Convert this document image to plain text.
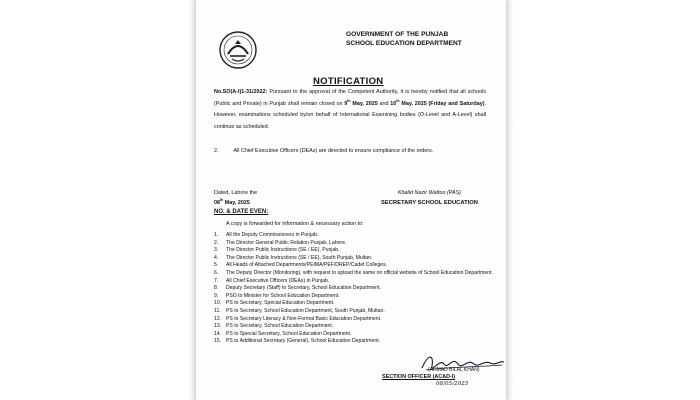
GOVERNMENT OF THE PUNJAB
SCHOOL EDUCATION DEPARTMENT
NOTIFICATION
No.SO(A-I)1-31/2022: Pursuant to the approval of the Competent Authority, it is hereby notified that all schools (Public and Private) in Punjab shall remain closed on 9th May, 2025 and 10th May, 2025 (Friday and Saturday). However, examinations scheduled by/on behalf of International Examining bodies (O-Level and A-Level) shall continue as scheduled.
2.	All Chief Executive Officers (DEAs) are directed to ensure compliance of the orders.
Dated, Lahore the
08th May, 2025
Khalid Nazir Wattoo (PAS)
SECRETARY SCHOOL EDUCATION
NO. & DATE EVEN:
A copy is forwarded for information & necessary action to:
1.	All the Deputy Commissioners in Punjab.
2.	The Director General Public Relation Punjab, Lahore.
3.	The Director Public Instructions (SE / EE), Punjab.
4.	The Director Public Instructions (SE / EE), South Punjab, Multan.
5.	All Heads of Attached Departments/PEIMA/PEF/DREP/Cadet Colleges.
6.	The Deputy Director (Monitoring), with request to upload the same on official website of School Education Department.
7.	All Chief Executive Officers (DEAs) in Punjab.
8.	Deputy Secretary (Staff) to Secretary, School Education Department.
9.	PSO to Minister for School Education Department.
10. PS to Secretary, Special Education Department.
11.	PS to Secretary, School Education Department, South Punjab, Multan.
12. PS to Secretary Literacy & Non-Formal Basic Education Department.
13. PS to Secretary, School Education Department.
14. PS to Special Secretary, School Education Department.
15. PS to Additional Secretary (General), School Education Department.
(AHMAD BILAL KHAN)
SECTION OFFICER (ACAD-I)
08/05/2025
